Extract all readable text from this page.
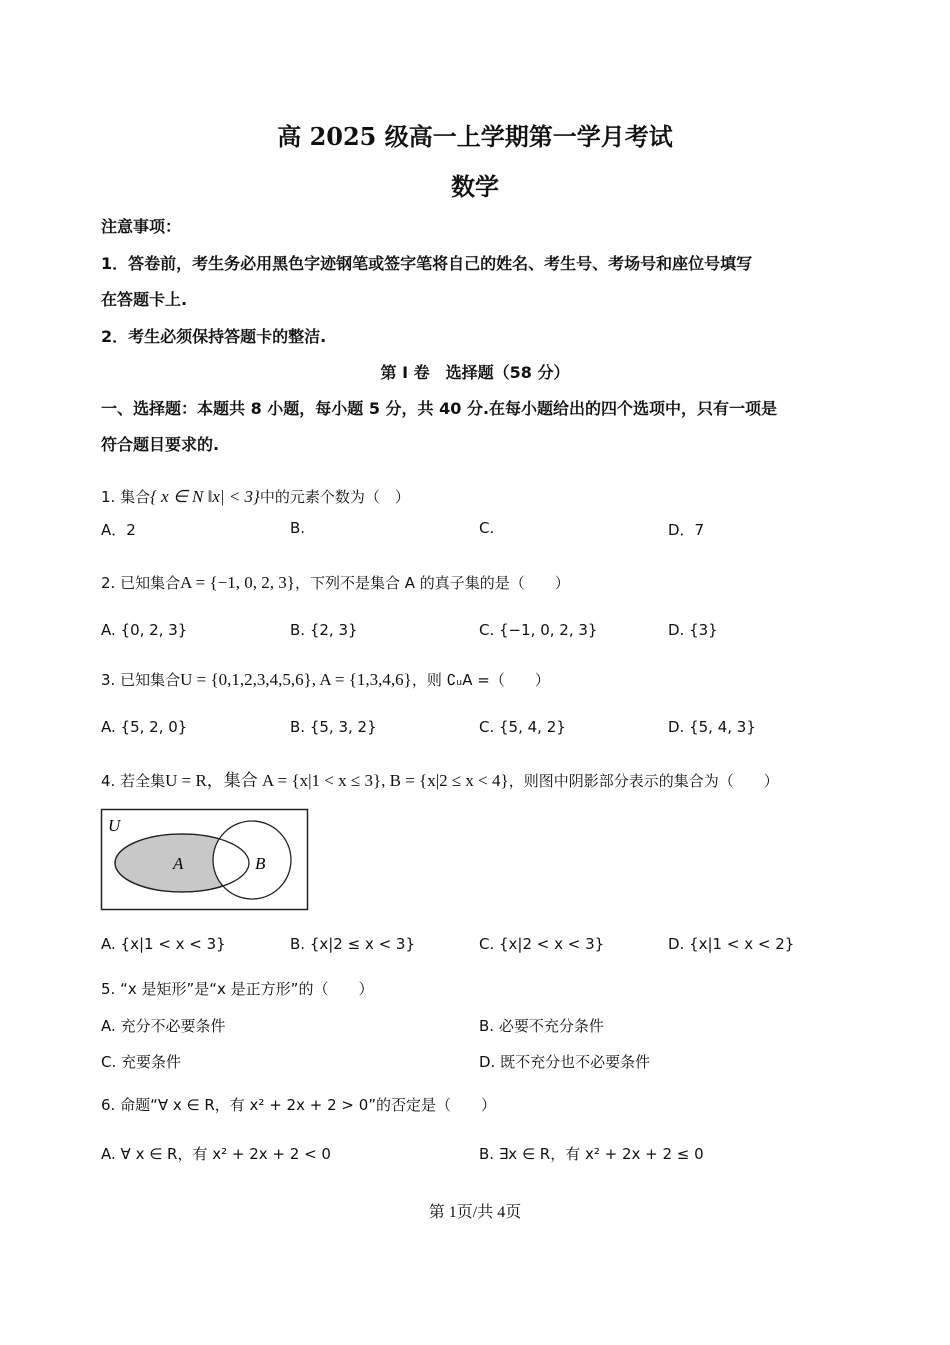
高 2025 级高一上学期第一学月考试
数学
注意事项：
1．答卷前，考生务必用黑色字迹钢笔或签字笔将自己的姓名、考生号、考场号和座位号填写
在答题卡上.
2．考生必须保持答题卡的整洁.
第 I 卷　选择题（58 分）
一、选择题：本题共 8 小题，每小题 5 分，共 40 分.在每小题给出的四个选项中，只有一项是
符合题目要求的.
1. 集合{ x ∈ N ‖x| < 3}中的元素个数为（　）
A．2	B.	C.	D．7
2. 已知集合A = {−1, 0, 2, 3}，下列不是集合 A 的真子集的是（　　）
A. {0, 2, 3}	B. {2, 3}	C. {−1, 0, 2, 3}	D. {3}
3. 已知集合U = {0,1,2,3,4,5,6}, A = {1,3,4,6}，则 ∁ᵤA =（　　）
A. {5, 2, 0}	B. {5, 3, 2}	C. {5, 4, 2}	D. {5, 4, 3}
4. 若全集U = R，集合 A = {x|1 < x ≤ 3}, B = {x|2 ≤ x < 4}，则图中阴影部分表示的集合为（　　）
U
A	B
A. {x|1 < x < 3}	B. {x|2 ≤ x < 3}	C. {x|2 < x < 3}	D. {x|1 < x < 2}
5. “x 是矩形”是“x 是正方形”的（　　）
A. 充分不必要条件	B. 必要不充分条件
C. 充要条件	D. 既不充分也不必要条件
6. 命题“∀ x ∈ R，有 x² + 2x + 2 > 0”的否定是（　　）
A. ∀ x ∈ R，有 x² + 2x + 2 < 0	B. ∃x ∈ R，有 x² + 2x + 2 ≤ 0
第 1页/共 4页
